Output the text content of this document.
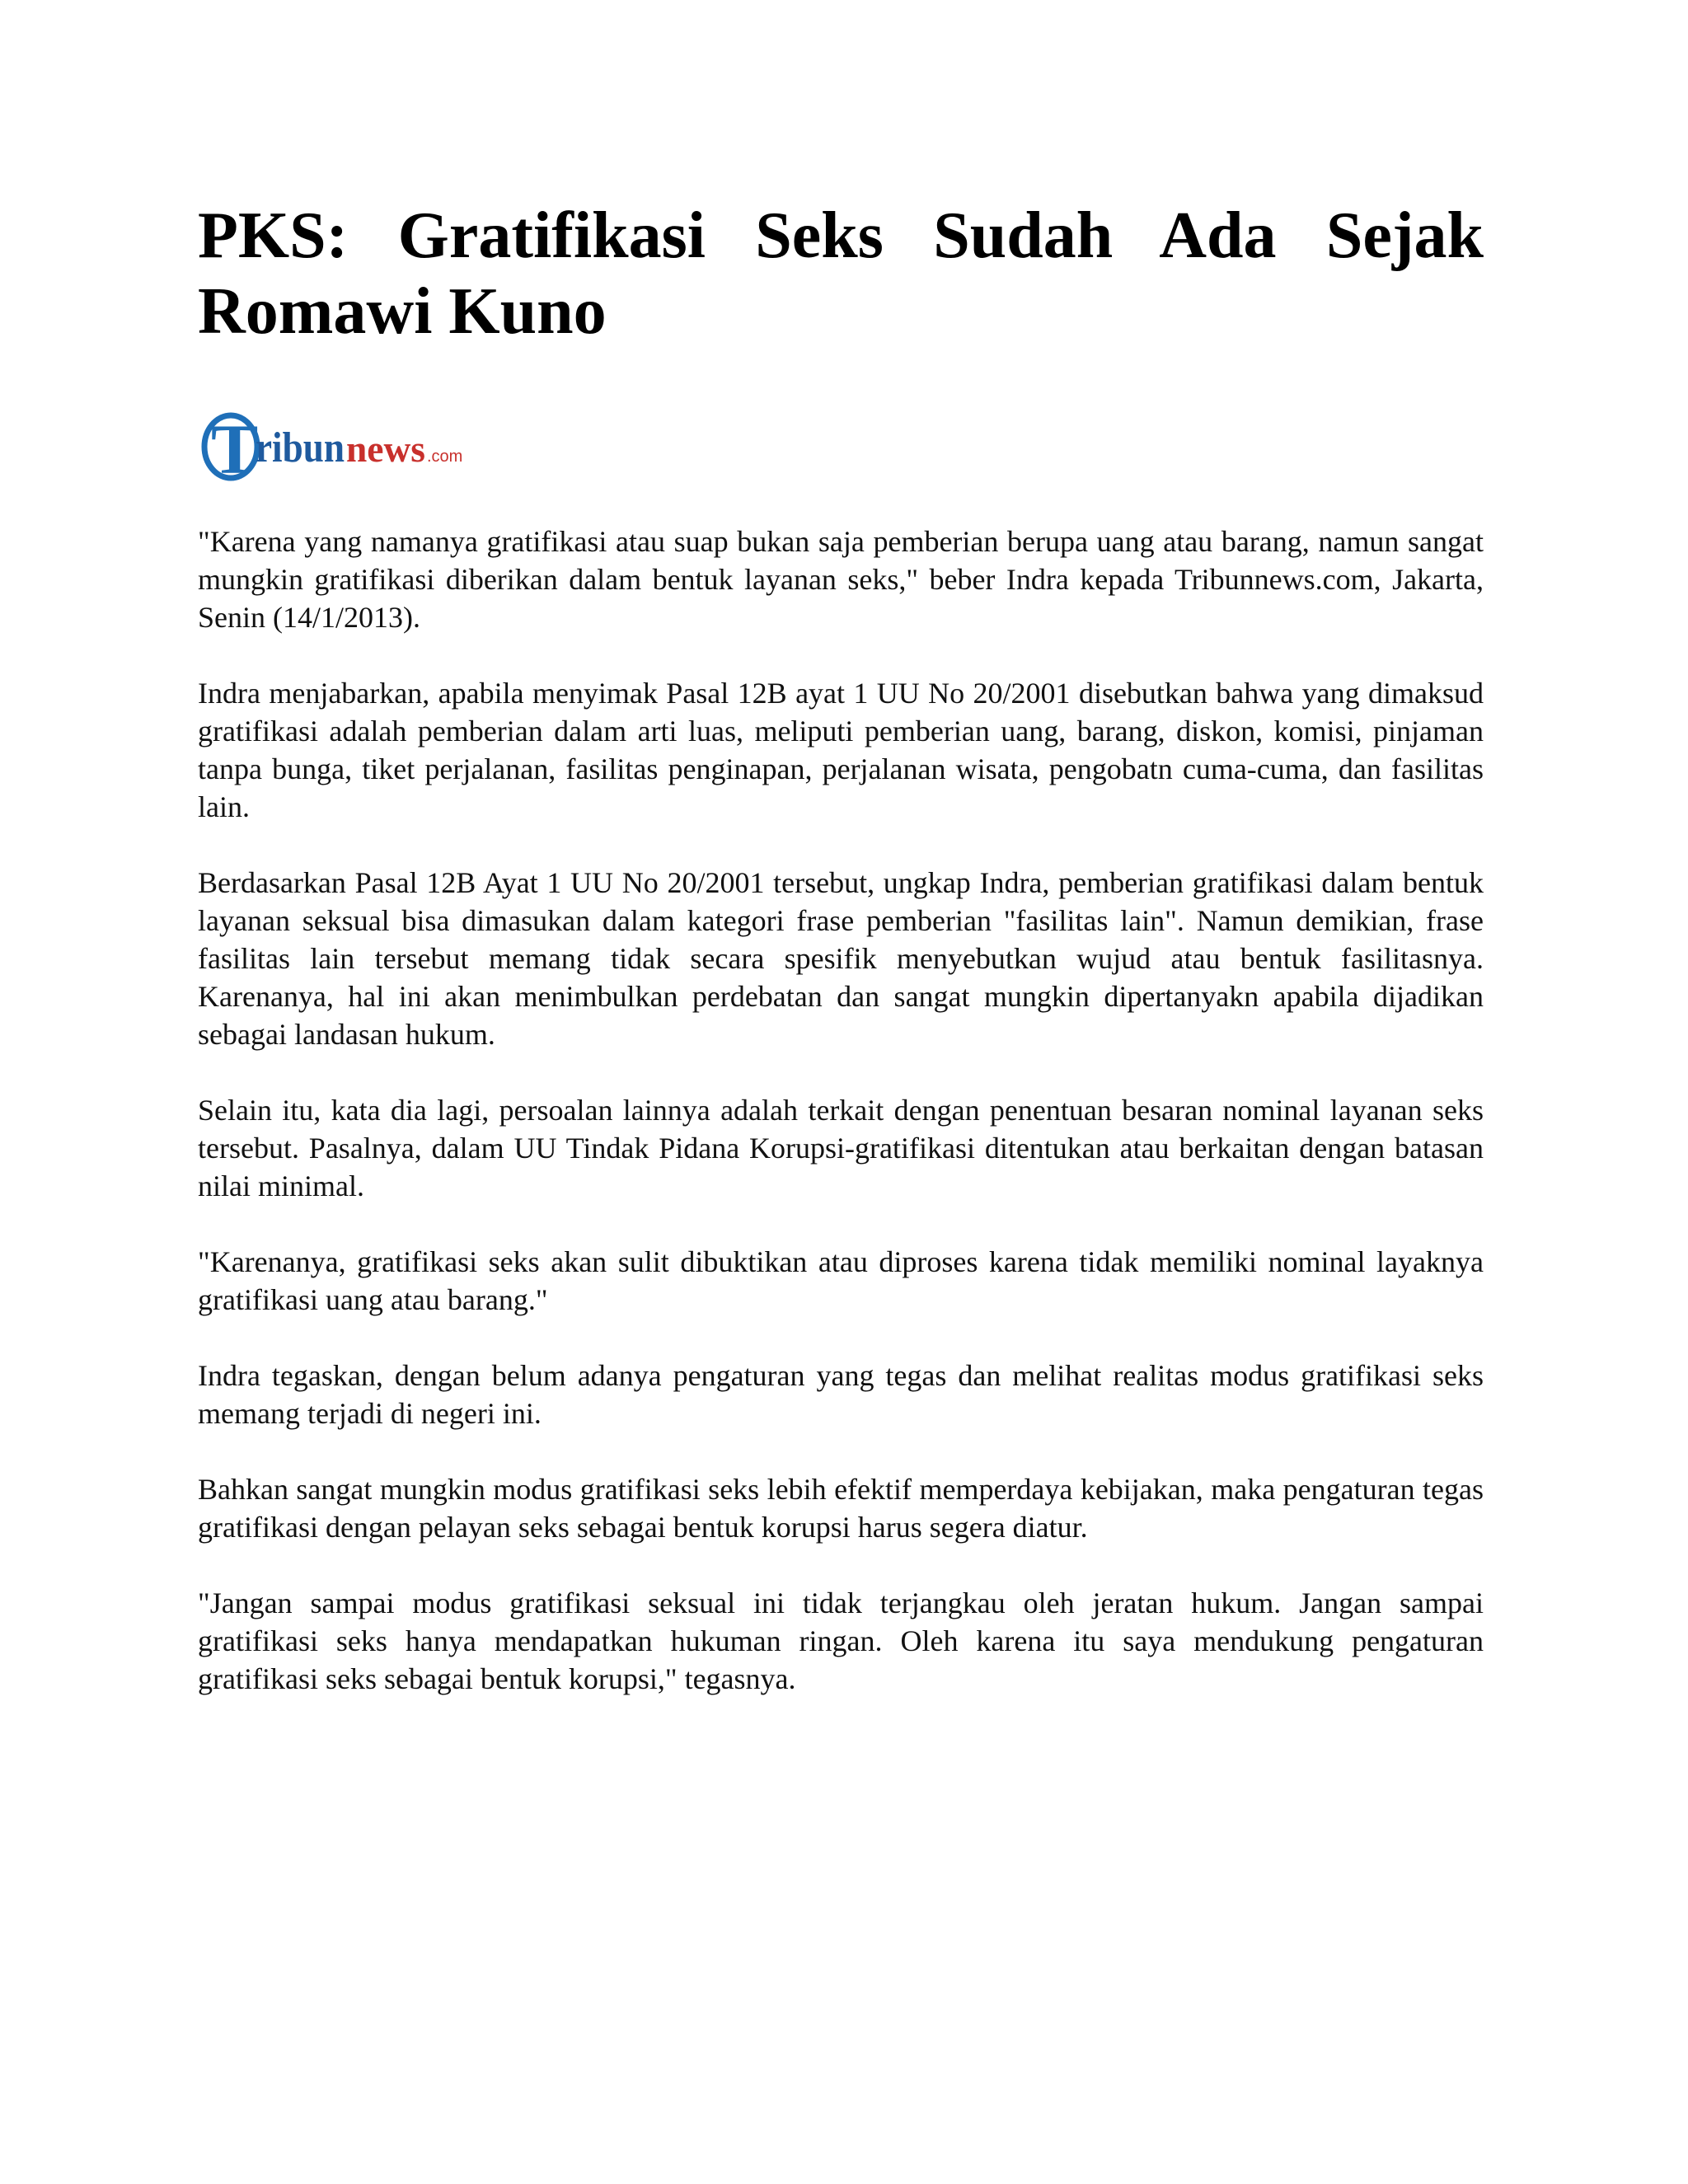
PKS: Gratifikasi Seks Sudah Ada Sejak Romawi Kuno
T
ribun news .com

"Karena yang namanya gratifikasi atau suap bukan saja pemberian berupa uang atau barang, namun sangat mungkin gratifikasi diberikan dalam bentuk layanan seks," beber Indra kepada Tribunnews.com, Jakarta, Senin (14/1/2013).

Indra menjabarkan, apabila menyimak Pasal 12B ayat 1 UU No 20/2001 disebutkan bahwa yang dimaksud gratifikasi adalah pemberian dalam arti luas, meliputi pemberian uang, barang, diskon, komisi, pinjaman tanpa bunga, tiket perjalanan, fasilitas penginapan, perjalanan wisata, pengobatn cuma-cuma, dan fasilitas lain.

Berdasarkan Pasal 12B Ayat 1 UU No 20/2001 tersebut, ungkap Indra, pemberian gratifikasi dalam bentuk layanan seksual bisa dimasukan dalam kategori frase pemberian "fasilitas lain". Namun demikian, frase fasilitas lain tersebut memang tidak secara spesifik menyebutkan wujud atau bentuk fasilitasnya. Karenanya, hal ini akan menimbulkan perdebatan dan sangat mungkin dipertanyakn apabila dijadikan sebagai landasan hukum.

Selain itu, kata dia lagi, persoalan lainnya adalah terkait dengan penentuan besaran nominal layanan seks tersebut. Pasalnya, dalam UU Tindak Pidana Korupsi-gratifikasi ditentukan atau berkaitan dengan batasan nilai minimal.

"Karenanya, gratifikasi seks akan sulit dibuktikan atau diproses karena tidak memiliki nominal layaknya gratifikasi uang atau barang."

Indra tegaskan, dengan belum adanya pengaturan yang tegas dan melihat realitas modus gratifikasi seks memang terjadi di negeri ini.

Bahkan sangat mungkin modus gratifikasi seks lebih efektif memperdaya kebijakan, maka pengaturan tegas gratifikasi dengan pelayan seks sebagai bentuk korupsi harus segera diatur.

"Jangan sampai modus gratifikasi seksual ini tidak terjangkau oleh jeratan hukum. Jangan sampai gratifikasi seks hanya mendapatkan hukuman ringan. Oleh karena itu saya mendukung pengaturan gratifikasi seks sebagai bentuk korupsi," tegasnya.
